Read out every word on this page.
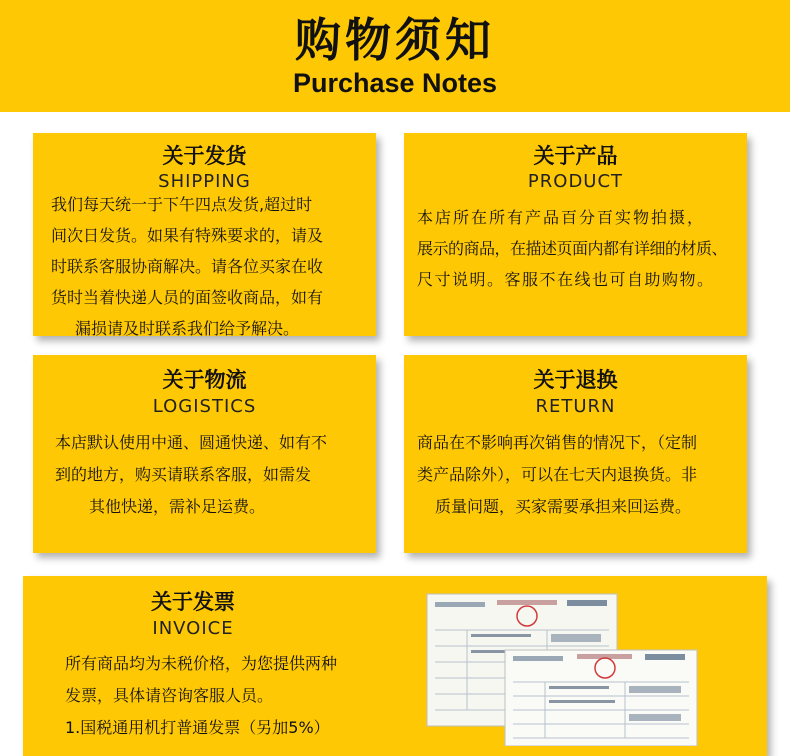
购物须知
Purchase Notes
关于发货
SHIPPING
我们每天统一于下午四点发货,超过时
间次日发货。如果有特殊要求的，请及
时联系客服协商解决。请各位买家在收
货时当着快递人员的面签收商品，如有
漏损请及时联系我们给予解决。
关于产品
PRODUCT
本店所在所有产品百分百实物拍摄，
展示的商品，在描述页面内都有详细的材质、
尺寸说明。客服不在线也可自助购物。
关于物流
LOGISTICS
本店默认使用中通、圆通快递、如有不
到的地方，购买请联系客服，如需发
其他快递，需补足运费。
关于退换
RETURN
商品在不影响再次销售的情况下，（定制
类产品除外），可以在七天内退换货。非
质量问题，买家需要承担来回运费。
关于发票
INVOICE
所有商品均为未税价格，为您提供两种
发票，具体请咨询客服人员。
1.国税通用机打普通发票（另加5%）
